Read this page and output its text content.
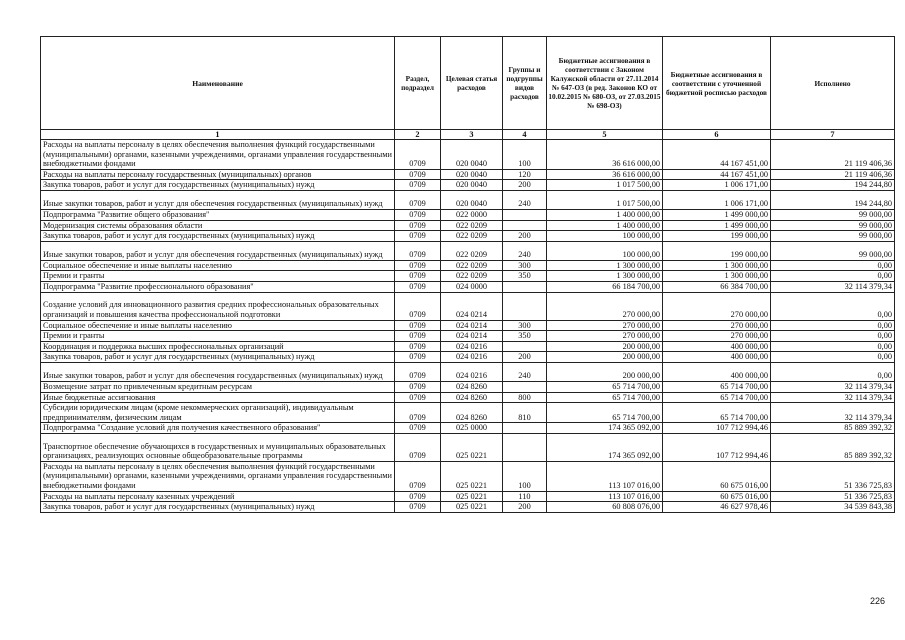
Наименование	Раздел, подраздел	Целевая статья расходов	Группы и подгруппы видов расходов	Бюджетные ассигнования в соответствии с Законом Калужской области от 27.11.2014 № 647-ОЗ (в ред. Законов КО от 10.02.2015 № 680-ОЗ, от 27.03.2015 № 698-ОЗ)	Бюджетные ассигнования в соответствии с уточненной бюджетной росписью расходов	Исполнено
1	2	3	4	5	6	7
Расходы на выплаты персоналу в целях обеспечения выполнения функций государственными (муниципальными) органами, казенными учреждениями, органами управления государственными внебюджетными фондами	0709	020 0040	100	36 616 000,00	44 167 451,00	21 119 406,36
Расходы на выплаты персоналу государственных (муниципальных) органов	0709	020 0040	120	36 616 000,00	44 167 451,00	21 119 406,36
Закупка товаров, работ и услуг для государственных (муниципальных) нужд	0709	020 0040	200	1 017 500,00	1 006 171,00	194 244,80
Иные закупки товаров, работ и услуг для обеспечения государственных (муниципальных) нужд	0709	020 0040	240	1 017 500,00	1 006 171,00	194 244,80
Подпрограмма "Развитие общего образования"	0709	022 0000		1 400 000,00	1 499 000,00	99 000,00
Модернизация системы образования области	0709	022 0209		1 400 000,00	1 499 000,00	99 000,00
Закупка товаров, работ и услуг для государственных (муниципальных) нужд	0709	022 0209	200	100 000,00	199 000,00	99 000,00
Иные закупки товаров, работ и услуг для обеспечения государственных (муниципальных) нужд	0709	022 0209	240	100 000,00	199 000,00	99 000,00
Социальное обеспечение и иные выплаты населению	0709	022 0209	300	1 300 000,00	1 300 000,00	0,00
Премии и гранты	0709	022 0209	350	1 300 000,00	1 300 000,00	0,00
Подпрограмма "Развитие профессионального образования"	0709	024 0000		66 184 700,00	66 384 700,00	32 114 379,34
Создание условий для инновационного развития средних профессиональных образовательных организаций и повышения качества профессиональной подготовки	0709	024 0214		270 000,00	270 000,00	0,00
Социальное обеспечение и иные выплаты населению	0709	024 0214	300	270 000,00	270 000,00	0,00
Премии и гранты	0709	024 0214	350	270 000,00	270 000,00	0,00
Координация и поддержка высших профессиональных организаций	0709	024 0216		200 000,00	400 000,00	0,00
Закупка товаров, работ и услуг для государственных (муниципальных) нужд	0709	024 0216	200	200 000,00	400 000,00	0,00
Иные закупки товаров, работ и услуг для обеспечения государственных (муниципальных) нужд	0709	024 0216	240	200 000,00	400 000,00	0,00
Возмещение затрат по привлеченным кредитным ресурсам	0709	024 8260		65 714 700,00	65 714 700,00	32 114 379,34
Иные бюджетные ассигнования	0709	024 8260	800	65 714 700,00	65 714 700,00	32 114 379,34
Субсидии юридическим лицам (кроме некоммерческих организаций), индивидуальным предпринимателям, физическим лицам	0709	024 8260	810	65 714 700,00	65 714 700,00	32 114 379,34
Подпрограмма "Создание условий для получения качественного образования"	0709	025 0000		174 365 092,00	107 712 994,46	85 889 392,32
Транспортное обеспечение обучающихся в государственных и муниципальных образовательных организациях, реализующих основные общеобразовательные программы	0709	025 0221		174 365 092,00	107 712 994,46	85 889 392,32
Расходы на выплаты персоналу в целях обеспечения выполнения функций государственными (муниципальными) органами, казенными учреждениями, органами управления государственными внебюджетными фондами	0709	025 0221	100	113 107 016,00	60 675 016,00	51 336 725,83
Расходы на выплаты персоналу казенных учреждений	0709	025 0221	110	113 107 016,00	60 675 016,00	51 336 725,83
Закупка товаров, работ и услуг для государственных (муниципальных) нужд	0709	025 0221	200	60 808 076,00	46 627 978,46	34 539 843,38
226
